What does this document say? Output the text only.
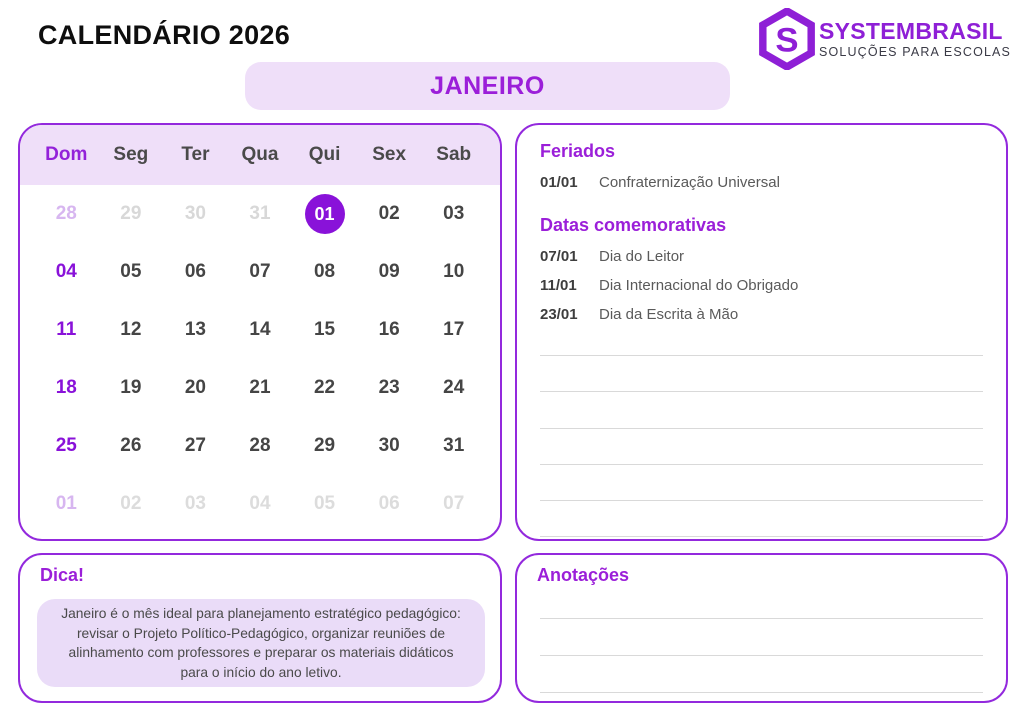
CALENDÁRIO 2026
JANEIRO
S SYSTEMBRASIL
SOLUÇÕES PARA ESCOLAS
Dom	Seg	Ter	Qua	Qui	Sex	Sab
28	29	30	31	01	02	03
04	05	06	07	08	09	10
11	12	13	14	15	16	17
18	19	20	21	22	23	24
25	26	27	28	29	30	31
01	02	03	04	05	06	07
Feriados
01/01	Confraternização Universal
Datas comemorativas
07/01	Dia do Leitor
11/01	Dia Internacional do Obrigado
23/01	Dia da Escrita à Mão
Dica!
Janeiro é o mês ideal para planejamento estratégico pedagógico: revisar o Projeto Político-Pedagógico, organizar reuniões de alinhamento com professores e preparar os materiais didáticos para o início do ano letivo.
Anotações
